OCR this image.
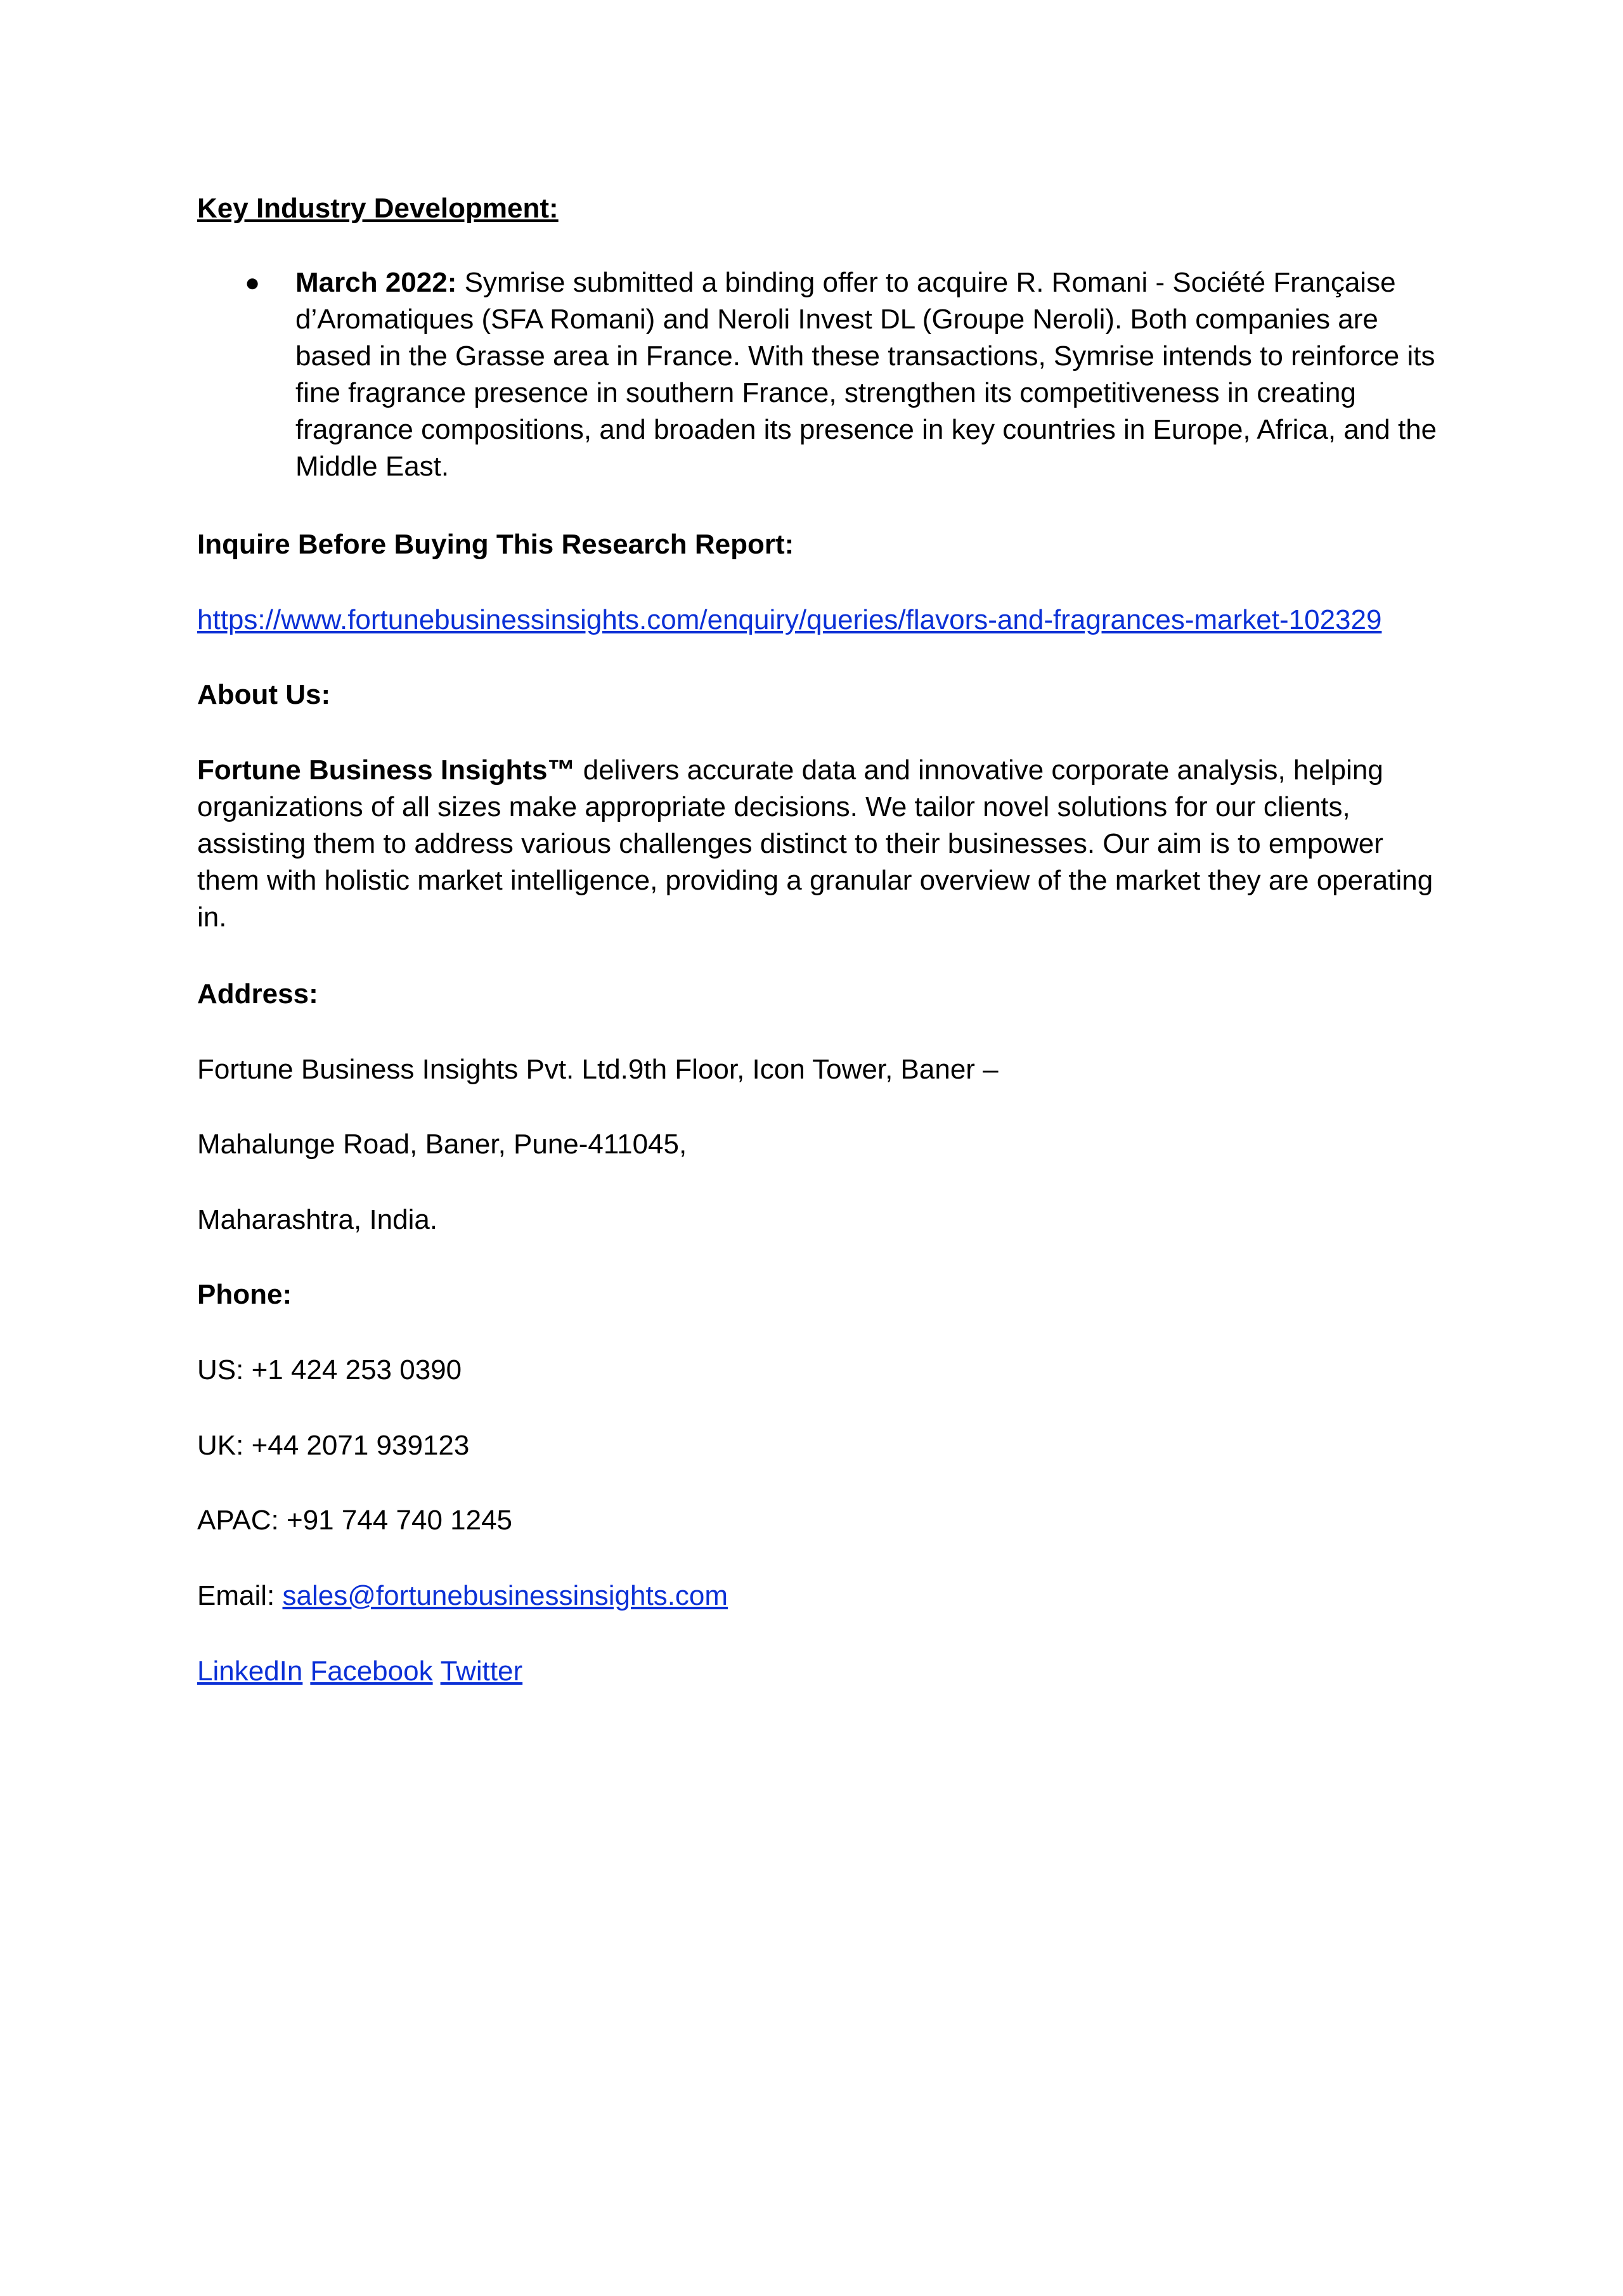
Key Industry Development:

●	March 2022: Symrise submitted a binding offer to acquire R. Romani - Société Française d’Aromatiques (SFA Romani) and Neroli Invest DL (Groupe Neroli). Both companies are based in the Grasse area in France. With these transactions, Symrise intends to reinforce its fine fragrance presence in southern France, strengthen its competitiveness in creating fragrance compositions, and broaden its presence in key countries in Europe, Africa, and the Middle East.

Inquire Before Buying This Research Report:

https://www.fortunebusinessinsights.com/enquiry/queries/flavors-and-fragrances-market-102329

About Us:

Fortune Business Insights™ delivers accurate data and innovative corporate analysis, helping organizations of all sizes make appropriate decisions. We tailor novel solutions for our clients, assisting them to address various challenges distinct to their businesses. Our aim is to empower them with holistic market intelligence, providing a granular overview of the market they are operating in.

Address:

Fortune Business Insights Pvt. Ltd.9th Floor, Icon Tower, Baner –

Mahalunge Road, Baner, Pune-411045,

Maharashtra, India.

Phone:

US: +1 424 253 0390

UK: +44 2071 939123

APAC: +91 744 740 1245

Email: sales@fortunebusinessinsights.com

LinkedIn Facebook Twitter
